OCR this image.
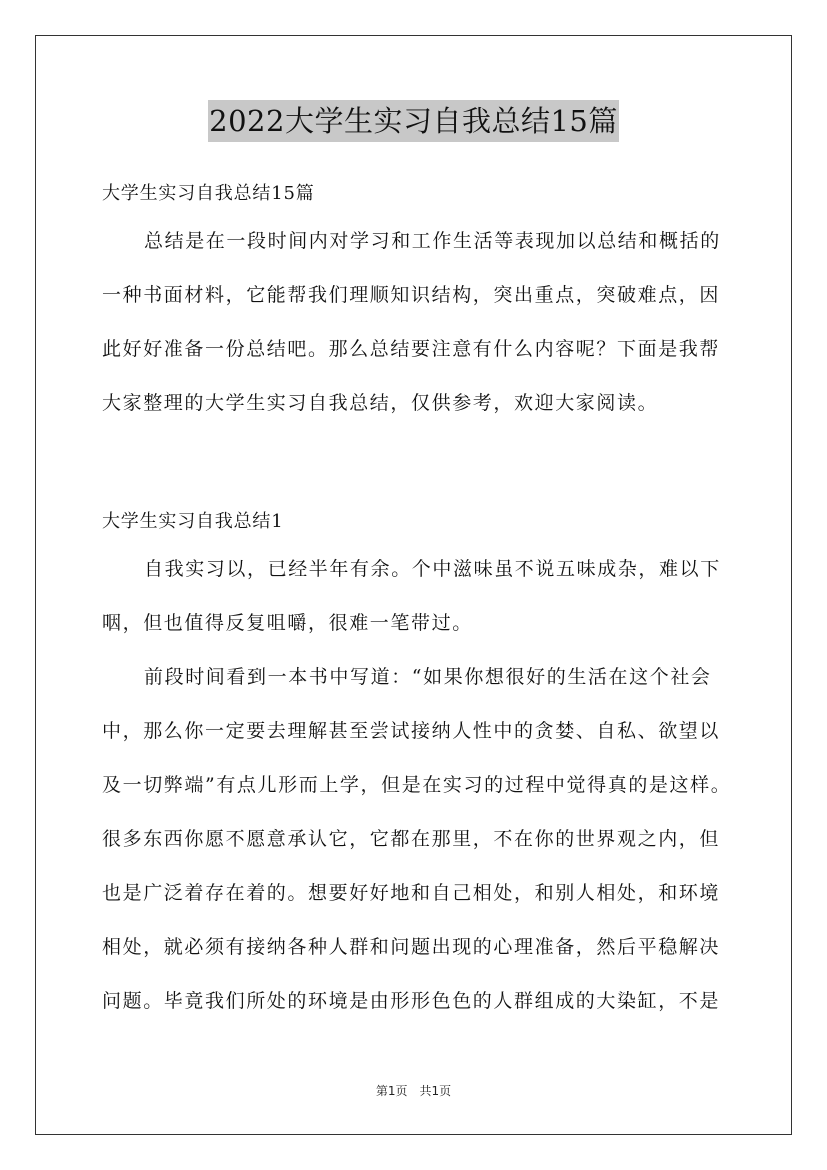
2022大学生实习自我总结15篇
大学生实习自我总结15篇
总结是在一段时间内对学习和工作生活等表现加以总结和概括的
一种书面材料，它能帮我们理顺知识结构，突出重点，突破难点，因
此好好准备一份总结吧。那么总结要注意有什么内容呢？下面是我帮
大家整理的大学生实习自我总结，仅供参考，欢迎大家阅读。
大学生实习自我总结1
自我实习以，已经半年有余。个中滋味虽不说五味成杂，难以下
咽，但也值得反复咀嚼，很难一笔带过。
前段时间看到一本书中写道：“如果你想很好的生活在这个社会
中，那么你一定要去理解甚至尝试接纳人性中的贪婪、自私、欲望以
及一切弊端”有点儿形而上学，但是在实习的过程中觉得真的是这样。
很多东西你愿不愿意承认它，它都在那里，不在你的世界观之内，但
也是广泛着存在着的。想要好好地和自己相处，和别人相处，和环境
相处，就必须有接纳各种人群和问题出现的心理准备，然后平稳解决
问题。毕竟我们所处的环境是由形形色色的人群组成的大染缸，不是
第1页　共1页
